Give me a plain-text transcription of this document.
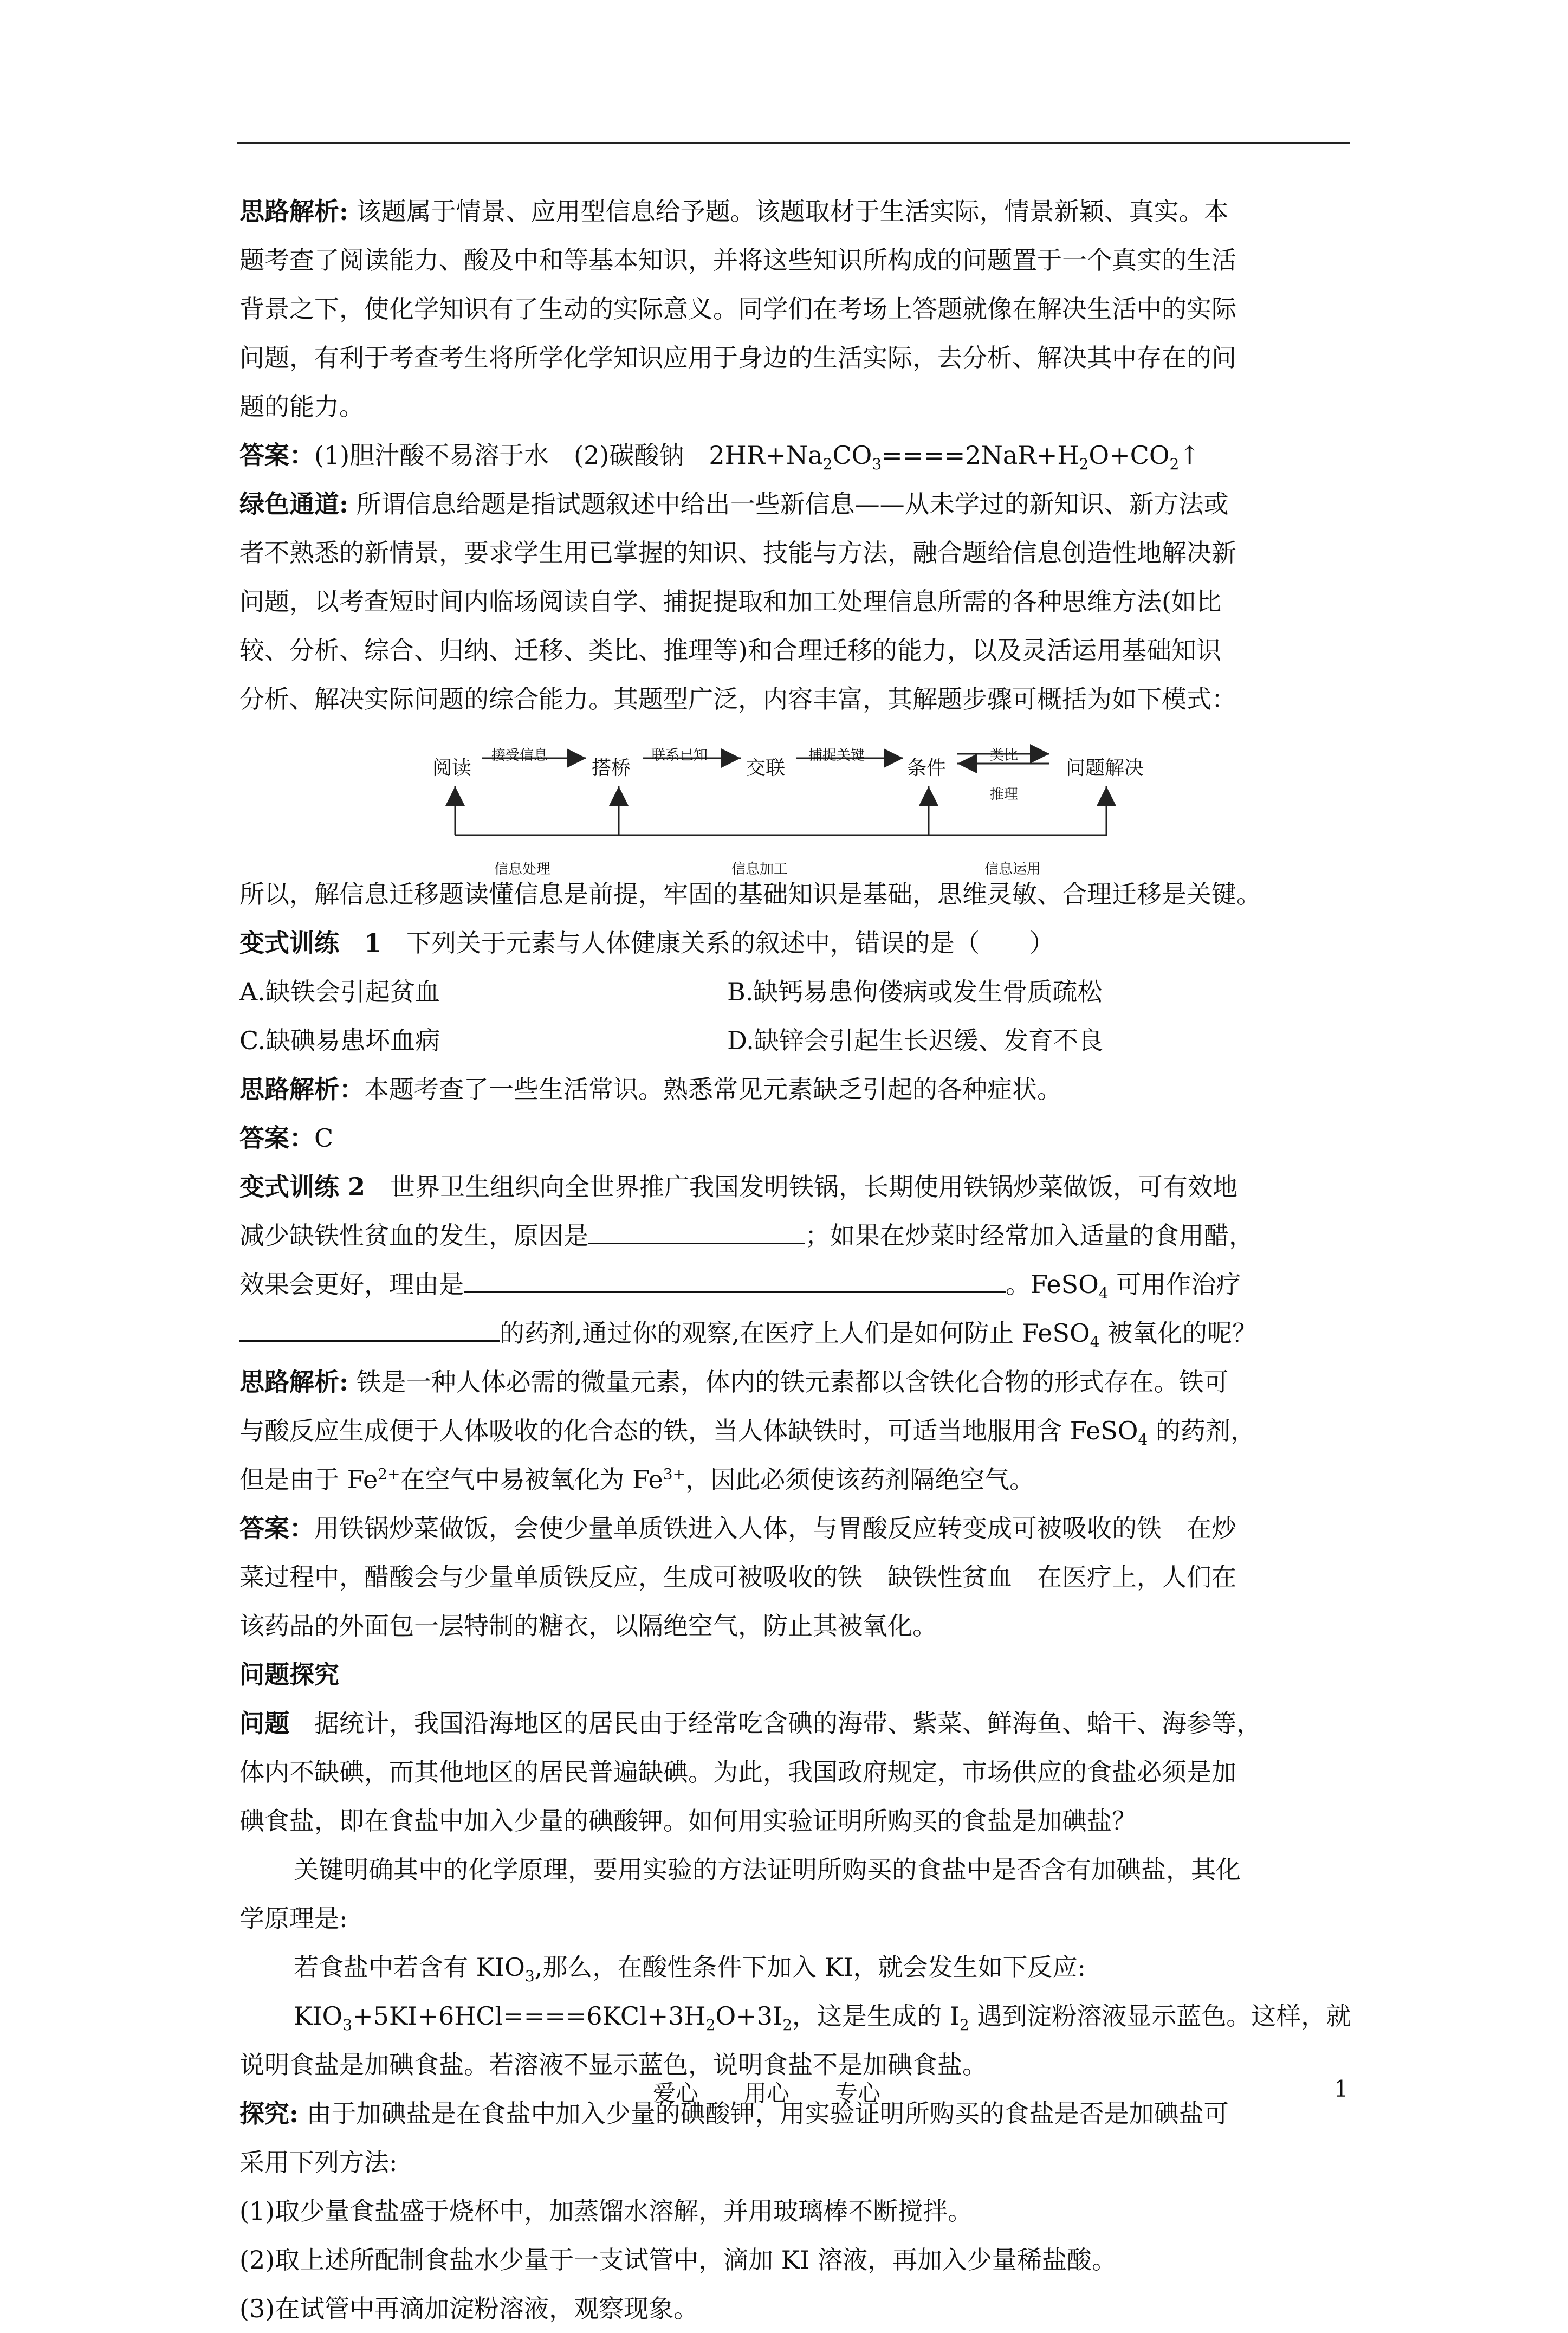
思路解析: 该题属于情景、应用型信息给予题。该题取材于生活实际，情景新颖、真实。本
题考查了阅读能力、酸及中和等基本知识，并将这些知识所构成的问题置于一个真实的生活
背景之下，使化学知识有了生动的实际意义。同学们在考场上答题就像在解决生活中的实际
问题，有利于考查考生将所学化学知识应用于身边的生活实际，去分析、解决其中存在的问
题的能力。
答案：(1)胆汁酸不易溶于水　(2)碳酸钠　$2HR+Na_2CO_3====2NaR+H_2O+CO_2↑$
绿色通道: 所谓信息给题是指试题叙述中给出一些新信息——从未学过的新知识、新方法或
者不熟悉的新情景，要求学生用已掌握的知识、技能与方法，融合题给信息创造性地解决新
问题，以考查短时间内临场阅读自学、捕捉提取和加工处理信息所需的各种思维方法(如比
较、分析、综合、归纳、迁移、类比、推理等)和合理迁移的能力，以及灵活运用基础知识
分析、解决实际问题的综合能力。其题型广泛，内容丰富，其解题步骤可概括为如下模式：
阅读	搭桥	交联	条件	问题解决
接受信息	联系已知	捕捉关键	类比
推理
信息处理	信息加工	信息运用
所以，解信息迁移题读懂信息是前提，牢固的基础知识是基础，思维灵敏、合理迁移是关键。
变式训练　1　下列关于元素与人体健康关系的叙述中，错误的是（　　）
A.缺铁会引起贫血	B.缺钙易患佝偻病或发生骨质疏松
C.缺碘易患坏血病	D.缺锌会引起生长迟缓、发育不良
思路解析：本题考查了一些生活常识。熟悉常见元素缺乏引起的各种症状。
答案：C
变式训练 2　世界卫生组织向全世界推广我国发明铁锅，长期使用铁锅炒菜做饭，可有效地
减少缺铁性贫血的发生，原因是	；如果在炒菜时经常加入适量的食用醋，
效果会更好，理由是	。FeSO$_4$ 可用作治疗
的药剂,通过你的观察,在医疗上人们是如何防止 FeSO$_4$ 被氧化的呢？
思路解析: 铁是一种人体必需的微量元素，体内的铁元素都以含铁化合物的形式存在。铁可
与酸反应生成便于人体吸收的化合态的铁，当人体缺铁时，可适当地服用含 FeSO$_4$ 的药剂，
但是由于 $Fe^{2+}$在空气中易被氧化为 $Fe^{3+}$，因此必须使该药剂隔绝空气。
答案：用铁锅炒菜做饭，会使少量单质铁进入人体，与胃酸反应转变成可被吸收的铁　在炒
菜过程中，醋酸会与少量单质铁反应，生成可被吸收的铁　缺铁性贫血　在医疗上，人们在
该药品的外面包一层特制的糖衣，以隔绝空气，防止其被氧化。
问题探究
问题　据统计，我国沿海地区的居民由于经常吃含碘的海带、紫菜、鲜海鱼、蛤干、海参等，
体内不缺碘，而其他地区的居民普遍缺碘。为此，我国政府规定，市场供应的食盐必须是加
碘食盐，即在食盐中加入少量的碘酸钾。如何用实验证明所购买的食盐是加碘盐？
关键明确其中的化学原理，要用实验的方法证明所购买的食盐中是否含有加碘盐，其化
学原理是:
若食盐中若含有 $KIO_3$,那么，在酸性条件下加入 KI，就会发生如下反应:
$KIO_3+5KI+6HCl====6KCl+3H_2O+3I_2$，这是生成的 $I_2$ 遇到淀粉溶液显示蓝色。这样，就
说明食盐是加碘食盐。若溶液不显示蓝色，说明食盐不是加碘食盐。
探究: 由于加碘盐是在食盐中加入少量的碘酸钾，用实验证明所购买的食盐是否是加碘盐可
采用下列方法:
(1)取少量食盐盛于烧杯中，加蒸馏水溶解，并用玻璃棒不断搅拌。
(2)取上述所配制食盐水少量于一支试管中，滴加 KI 溶液，再加入少量稀盐酸。
(3)在试管中再滴加淀粉溶液，观察现象。
爱心　　用心　　专心	1
